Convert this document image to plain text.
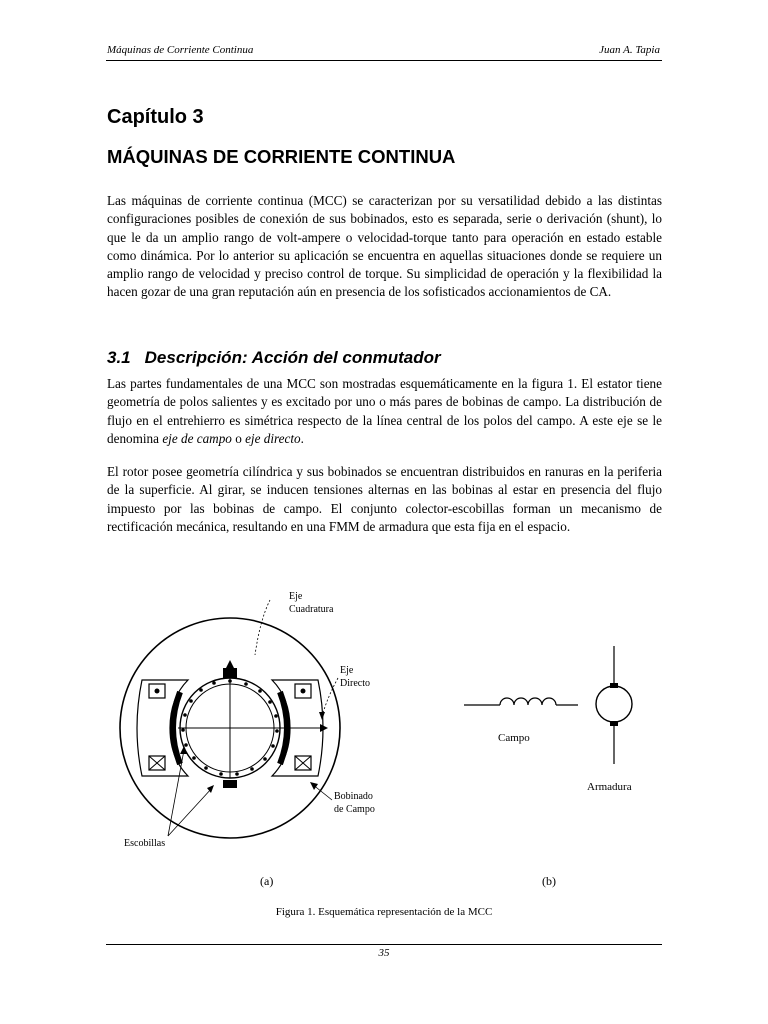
Máquinas de Corriente Continua	Juan A. Tapia
Capítulo 3
MÁQUINAS DE CORRIENTE CONTINUA
Las máquinas de corriente continua (MCC) se caracterizan por su versatilidad debido a las distintas configuraciones posibles de conexión de sus bobinados, esto es separada, serie o derivación (shunt), lo que le da un amplio rango de volt-ampere o velocidad-torque tanto para operación en estado estable como dinámica. Por lo anterior su aplicación se encuentra en aquellas situaciones donde se requiere un amplio rango de velocidad y preciso control de torque. Su simplicidad de operación y la flexibilidad la hacen gozar de una gran reputación aún en presencia de los sofisticados accionamientos de CA.
3.1 Descripción: Acción del conmutador
Las partes fundamentales de una MCC son mostradas esquemáticamente en la figura 1. El estator tiene geometría de polos salientes y es excitado por uno o más pares de bobinas de campo. La distribución de flujo en el entrehierro es simétrica respecto de la línea central de los polos del campo. A este eje se le denomina eje de campo o eje directo.
El rotor posee geometría cilíndrica y sus bobinados se encuentran distribuidos en ranuras en la periferia de la superficie. Al girar, se inducen tensiones alternas en las bobinas al estar en presencia del flujo impuesto por las bobinas de campo. El conjunto colector-escobillas forman un mecanismo de rectificación mecánica, resultando en una FMM de armadura que esta fija en el espacio.
Eje
Cuadratura
Eje
Directo
Bobinado
de Campo
Escobillas
(a)
Campo
Armadura
(b)
Figura 1. Esquemática representación de la MCC
35
